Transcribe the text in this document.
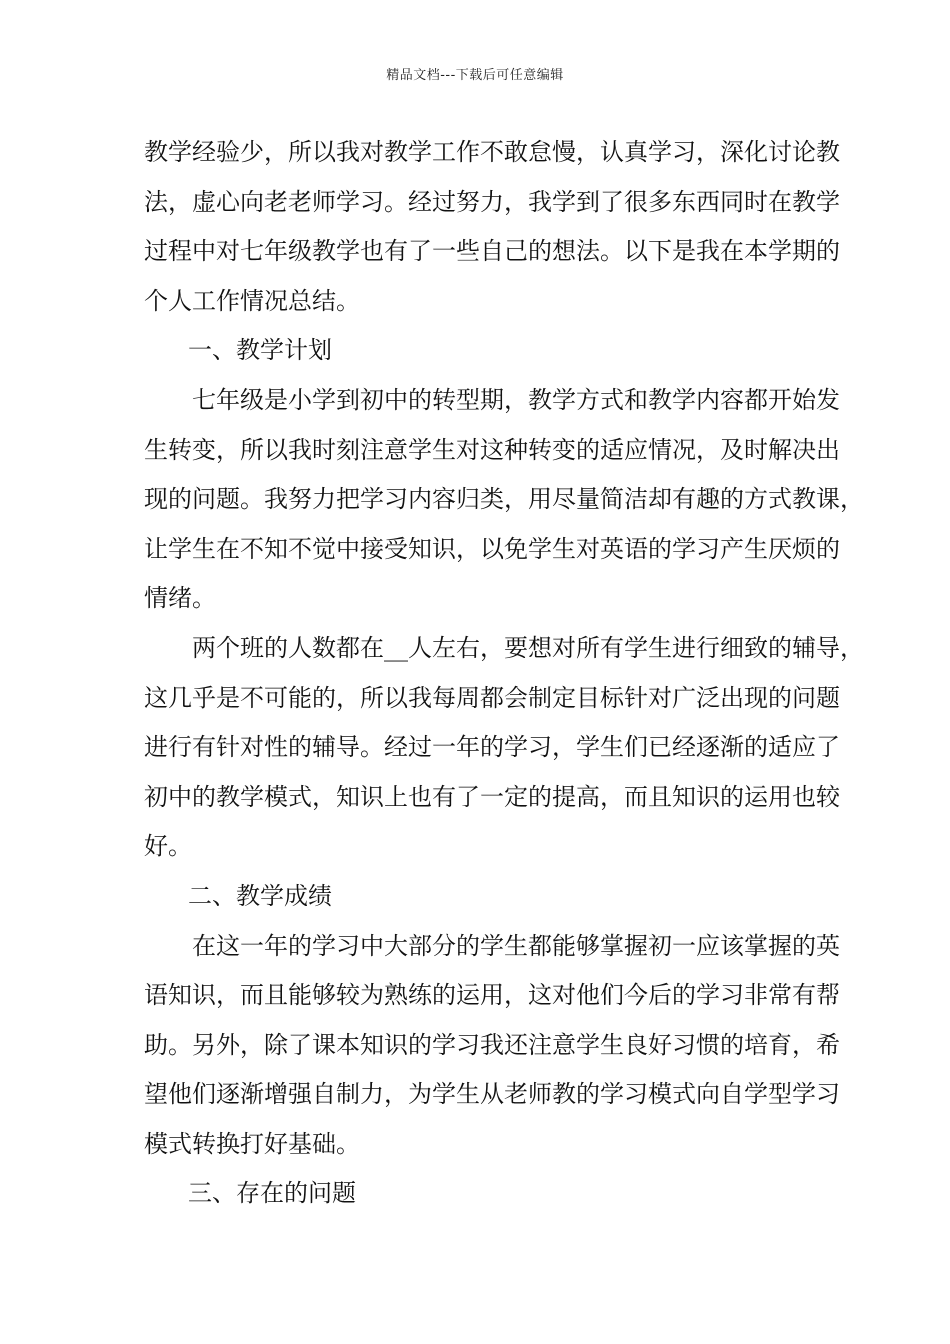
精品文档---下载后可任意编辑
教学经验少，所以我对教学工作不敢怠慢，认真学习，深化讨论教
法，虚心向老老师学习。经过努力，我学到了很多东西同时在教学
过程中对七年级教学也有了一些自己的想法。以下是我在本学期的
个人工作情况总结。
一、教学计划
七年级是小学到初中的转型期，教学方式和教学内容都开始发
生转变，所以我时刻注意学生对这种转变的适应情况，及时解决出
现的问题。我努力把学习内容归类，用尽量简洁却有趣的方式教课，
让学生在不知不觉中接受知识，以免学生对英语的学习产生厌烦的
情绪。
两个班的人数都在__人左右，要想对所有学生进行细致的辅导，
这几乎是不可能的，所以我每周都会制定目标针对广泛出现的问题
进行有针对性的辅导。经过一年的学习，学生们已经逐渐的适应了
初中的教学模式，知识上也有了一定的提高，而且知识的运用也较
好。
二、教学成绩
在这一年的学习中大部分的学生都能够掌握初一应该掌握的英
语知识，而且能够较为熟练的运用，这对他们今后的学习非常有帮
助。另外，除了课本知识的学习我还注意学生良好习惯的培育，希
望他们逐渐增强自制力，为学生从老师教的学习模式向自学型学习
模式转换打好基础。
三、存在的问题
